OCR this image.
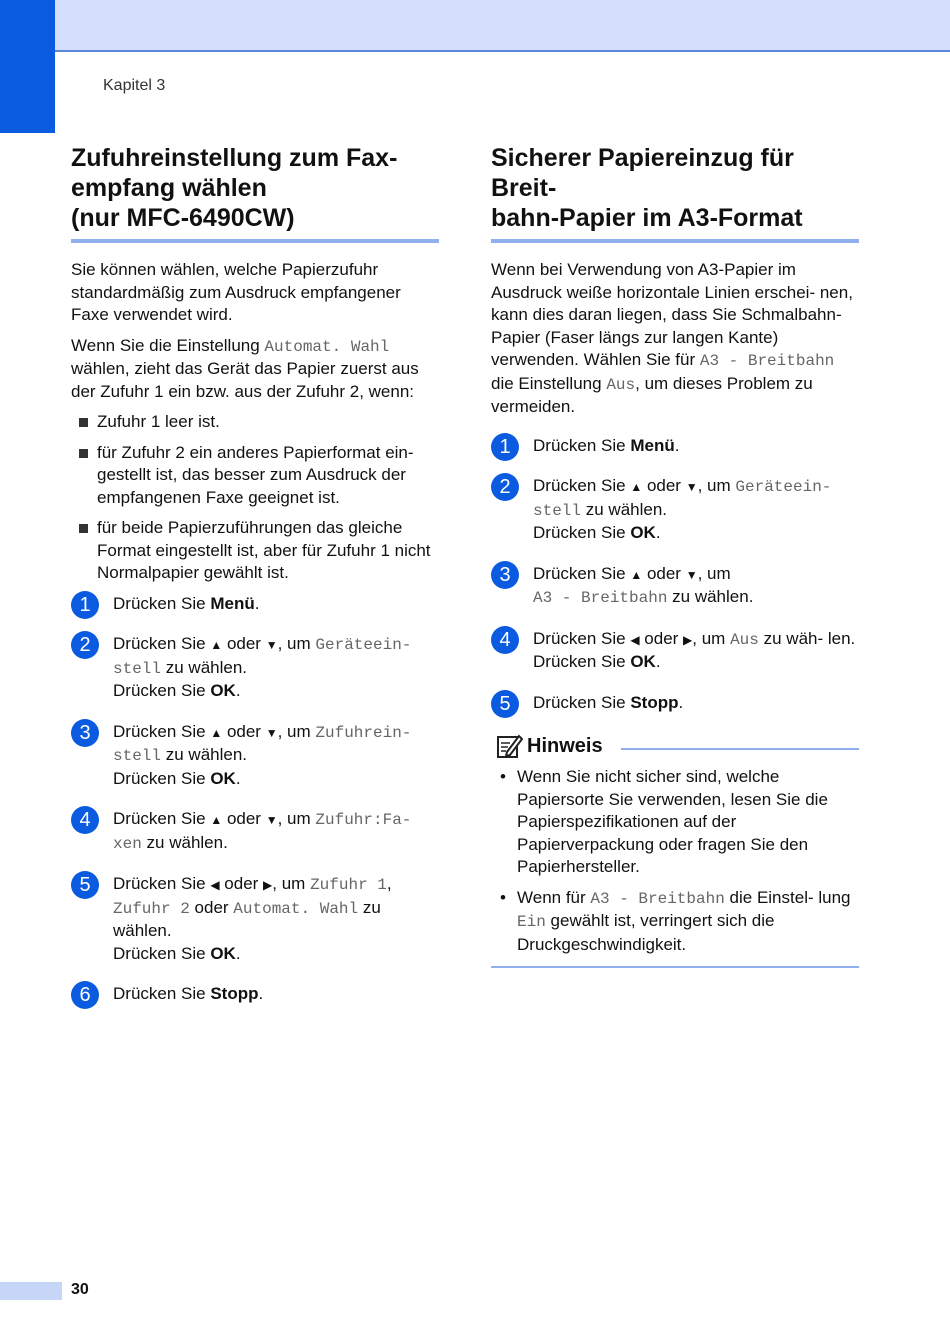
Kapitel 3
Zufuhreinstellung zum Fax-
empfang wählen
(nur MFC-6490CW)

Sie können wählen, welche Papierzufuhr standardmäßig zum Ausdruck empfangener Faxe verwendet wird.

Wenn Sie die Einstellung Automat. Wahl wählen, zieht das Gerät das Papier zuerst aus der Zufuhr 1 ein bzw. aus der Zufuhr 2, wenn:

Zufuhr 1 leer ist.
für Zufuhr 2 ein anderes Papierformat ein- gestellt ist, das besser zum Ausdruck der empfangenen Faxe geeignet ist.
für beide Papierzuführungen das gleiche Format eingestellt ist, aber für Zufuhr 1 nicht Normalpapier gewählt ist.
1	Drücken Sie Menü.
2	Drücken Sie ▲ oder ▼, um Geräteein- stell zu wählen.
Drücken Sie OK.
3	Drücken Sie ▲ oder ▼, um Zufuhrein- stell zu wählen.
Drücken Sie OK.
4	Drücken Sie ▲ oder ▼, um Zufuhr:Fa- xen zu wählen.
5	Drücken Sie ◀ oder ▶, um Zufuhr 1, Zufuhr 2 oder Automat. Wahl zu wählen.
Drücken Sie OK.
6	Drücken Sie Stopp.
Sicherer Papiereinzug für Breit-
bahn-Papier im A3-Format

Wenn bei Verwendung von A3-Papier im Ausdruck weiße horizontale Linien erschei- nen, kann dies daran liegen, dass Sie Schmalbahn-Papier (Faser längs zur langen Kante) verwenden. Wählen Sie für A3 - Breitbahn die Einstellung Aus, um dieses Problem zu vermeiden.

1	Drücken Sie Menü.
2	Drücken Sie ▲ oder ▼, um Geräteein- stell zu wählen.
Drücken Sie OK.
3	Drücken Sie ▲ oder ▼, um
A3 - Breitbahn zu wählen.
4	Drücken Sie ◀ oder ▶, um Aus zu wäh- len.
Drücken Sie OK.
5	Drücken Sie Stopp.
Hinweis
• Wenn Sie nicht sicher sind, welche Papiersorte Sie verwenden, lesen Sie die Papierspezifikationen auf der Papierverpackung oder fragen Sie den Papierhersteller.
• Wenn für A3 - Breitbahn die Einstel- lung Ein gewählt ist, verringert sich die Druckgeschwindigkeit.
30
